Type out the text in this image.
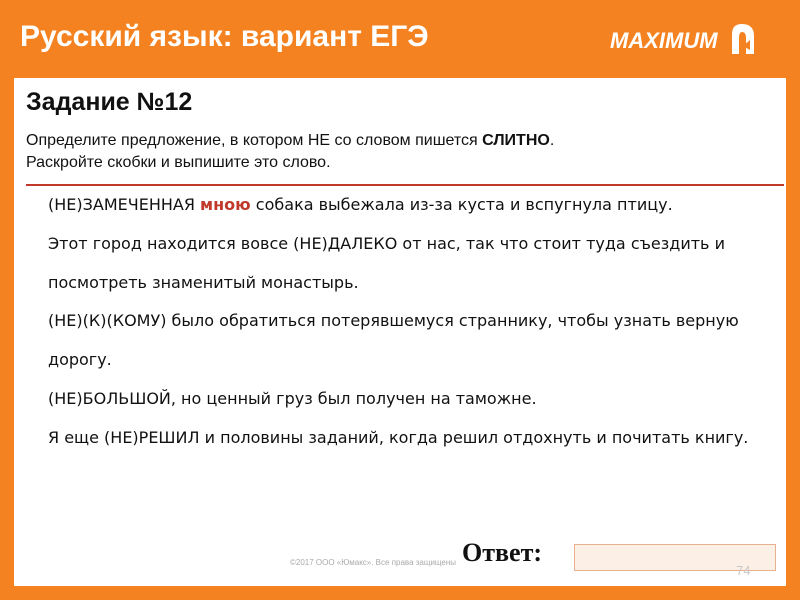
Русский язык: вариант ЕГЭ	MAXIMUM
Задание №12
Определите предложение, в котором НЕ со словом пишется СЛИТНО.
Раскройте скобки и выпишите это слово.

(НЕ)ЗАМЕЧЕННАЯ мною собака выбежала из-за куста и вспугнула птицу.

Этот город находится вовсе (НЕ)ДАЛЕКО от нас, так что стоит туда съездить и посмотреть знаменитый монастырь.

(НЕ)(К)(КОМУ) было обратиться потерявшемуся страннику, чтобы узнать верную дорогу.

(НЕ)БОЛЬШОЙ, но ценный груз был получен на таможне.

Я еще (НЕ)РЕШИЛ и половины заданий, когда решил отдохнуть и почитать книгу.

Ответ:
©2017 ООО «Юмакс». Все права защищены
74
